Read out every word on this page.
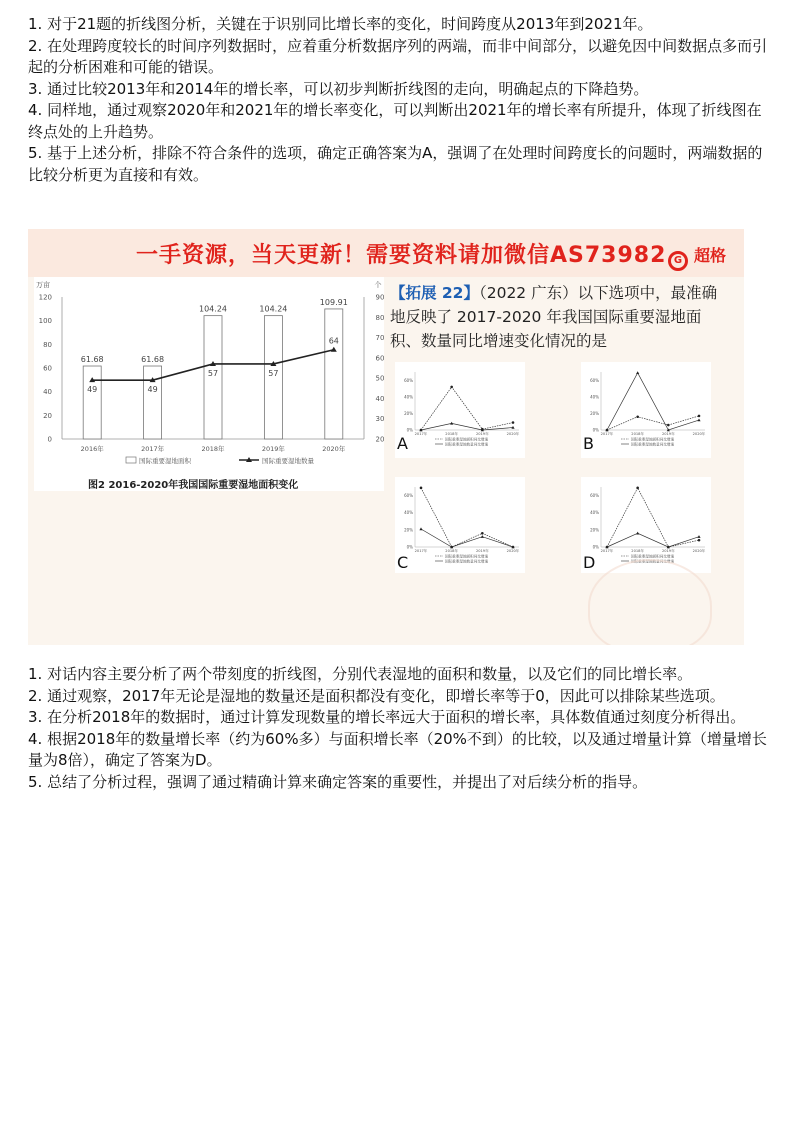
1. 对于21题的折线图分析，关键在于识别同比增长率的变化，时间跨度从2013年到2021年。

2. 在处理跨度较长的时间序列数据时，应着重分析数据序列的两端，而非中间部分，以避免因中间数据点多而引起的分析困难和可能的错误。

3. 通过比较2013年和2014年的增长率，可以初步判断折线图的走向，明确起点的下降趋势。

4. 同样地，通过观察2020年和2021年的增长率变化，可以判断出2021年的增长率有所提升，体现了折线图在终点处的上升趋势。

5. 基于上述分析，排除不符合条件的选项，确定正确答案为A，强调了在处理时间跨度长的问题时，两端数据的比较分析更为直接和有效。

一手资源，当天更新！需要资料请加微信AS73982 G 超格
万亩	个
0
20
40
60
80
100
120
20
30
40
50
60
70
80
90
61.68	61.68
104.24	104.24
109.91
49	49
57	57
64
2016年	2017年	2018年	2019年	2020年
国际重要湿地面积	国际重要湿地数量
图2 2016-2020年我国国际重要湿地面积变化
【拓展 22】（2022 广东）以下选项中，最准确地反映了 2017-2020 年我国国际重要湿地面积、数量同比增速变化情况的是
0%
20%
40%
60%
2017年	2018年	2019年	2020年
国际重要湿地面积同比增速
国际重要湿地数量同比增速
A
0%
20%
40%
60%
2017年	2018年	2019年	2020年
国际重要湿地面积同比增速
国际重要湿地数量同比增速
B
0%
20%
40%
60%
2017年	2018年	2019年	2020年
国际重要湿地面积同比增速
国际重要湿地数量同比增速
C
0%
20%
40%
60%
2017年	2018年	2019年	2020年
国际重要湿地面积同比增速
国际重要湿地数量同比增速
D

1. 对话内容主要分析了两个带刻度的折线图，分别代表湿地的面积和数量，以及它们的同比增长率。

2. 通过观察，2017年无论是湿地的数量还是面积都没有变化，即增长率等于0，因此可以排除某些选项。

3. 在分析2018年的数据时，通过计算发现数量的增长率远大于面积的增长率，具体数值通过刻度分析得出。

4. 根据2018年的数量增长率（约为60%多）与面积增长率（20%不到）的比较，以及通过增量计算（增量增长量为8倍），确定了答案为D。

5. 总结了分析过程，强调了通过精确计算来确定答案的重要性，并提出了对后续分析的指导。
